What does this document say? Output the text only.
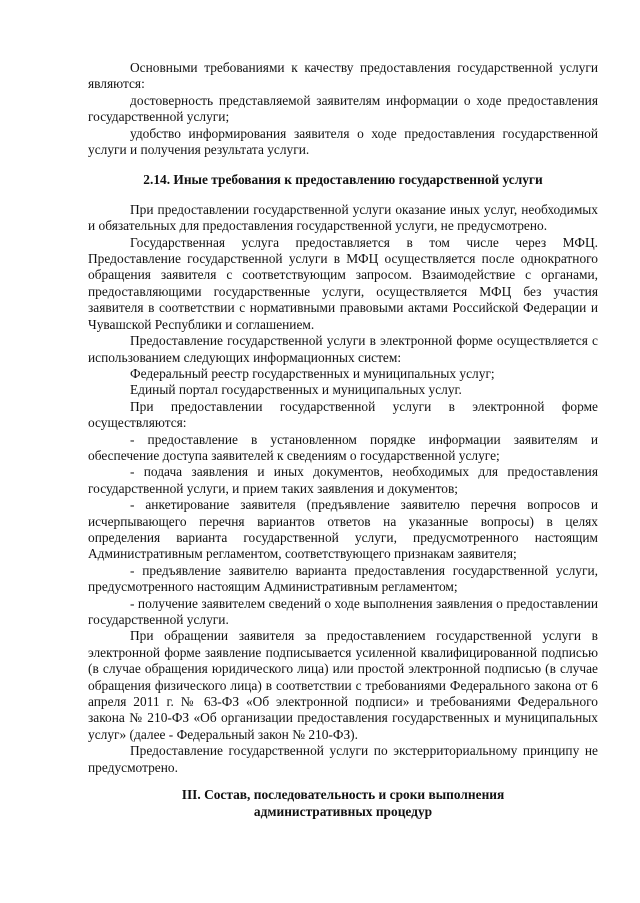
Основными требованиями к качеству предоставления государственной услуги являются:

достоверность представляемой заявителям информации о ходе предоставления государственной услуги;

удобство информирования заявителя о ходе предоставления государственной услуги и получения результата услуги.

2.14. Иные требования к предоставлению государственной услуги

При предоставлении государственной услуги оказание иных услуг, необходимых и обязательных для предоставления государственной услуги, не предусмотрено.

Государственная услуга предоставляется в том числе через МФЦ. Предоставление государственной услуги в МФЦ осуществляется после однократного обращения заявителя с соответствующим запросом. Взаимодействие с органами, предоставляющими государственные услуги, осуществляется МФЦ без участия заявителя в соответствии с нормативными правовыми актами Российской Федерации и Чувашской Республики и соглашением.

Предоставление государственной услуги в электронной форме осуществляется с использованием следующих информационных систем:

Федеральный реестр государственных и муниципальных услуг;

Единый портал государственных и муниципальных услуг.

При предоставлении государственной услуги в электронной форме осуществляются:

- предоставление в установленном порядке информации заявителям и обеспечение доступа заявителей к сведениям о государственной услуге;

- подача заявления и иных документов, необходимых для предоставления государственной услуги, и прием таких заявления и документов;

- анкетирование заявителя (предъявление заявителю перечня вопросов и исчерпывающего перечня вариантов ответов на указанные вопросы) в целях определения варианта государственной услуги, предусмотренного настоящим Административным регламентом, соответствующего признакам заявителя;

- предъявление заявителю варианта предоставления государственной услуги, предусмотренного настоящим Административным регламентом;

- получение заявителем сведений о ходе выполнения заявления о предоставлении государственной услуги.

При обращении заявителя за предоставлением государственной услуги в электронной форме заявление подписывается усиленной квалифицированной подписью (в случае обращения юридического лица) или простой электронной подписью (в случае обращения физического лица) в соответствии с требованиями Федерального закона от 6 апреля 2011 г. № 63-ФЗ «Об электронной подписи» и требованиями Федерального закона № 210-ФЗ «Об организации предоставления государственных и муниципальных услуг» (далее - Федеральный закон № 210-ФЗ).

Предоставление государственной услуги по экстерриториальному принципу не предусмотрено.

III. Состав, последовательность и сроки выполнения
административных процедур
